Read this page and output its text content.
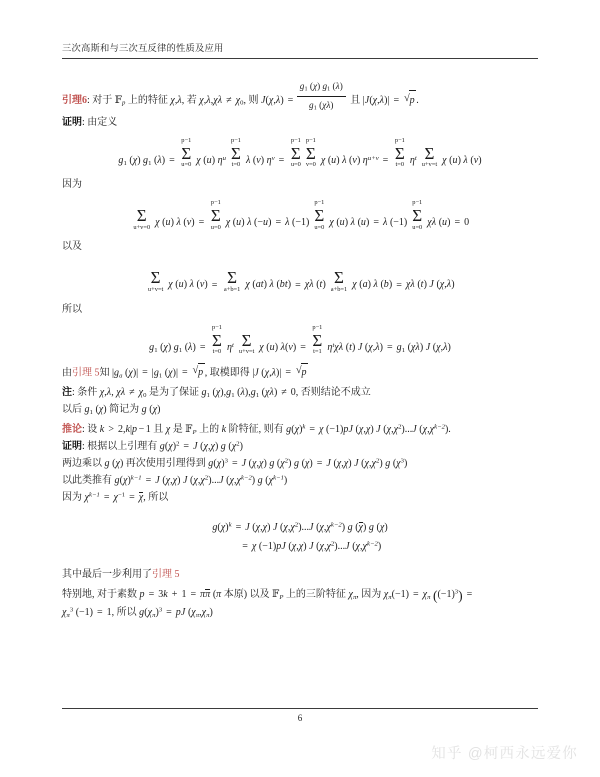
三次高斯和与三次互反律的性质及应用
引理6: 对于 𝔽$_p$ 上的特征 χ,λ, 若 $\chi,\lambda,\chi\lambda \ne \chi_0$, 则 $J(\chi,\lambda) = \frac{g_1 (\chi) g_1 (\lambda)}{g_1 (\chi\lambda)}$ 且 |J(χ,λ)| = √ p .
证明: 由定义
$g_1$ (χ) $g_1$ (λ) =
p−1
Σ
u=0 χ (u) $\eta^u$
p−1
Σ
t=0 λ (v) $\eta^v$ =
p−1
Σ
u=0
p−1
Σ
v=0 χ (u) λ (v) $\eta^{u+v}$ =
p−1
Σ
t=0 $\eta^t$
Σ
u+v=t χ (u) λ (v)
因为

Σ
u+v=0 χ (u) λ (v) =
p−1
Σ
u=0 χ (u) λ (−u) = λ (−1)
p−1
Σ
u=0 χ (u) λ (u) = λ (−1)
p−1
Σ
u=0 χλ (u) = 0
以及

Σ
u+v=t χ (u) λ (v) =
Σ
a+b=1 χ (at) λ (bt) = χλ (t)
Σ
a+b=1 χ (a) λ (b) = χλ (t) J (χ,λ)
所以
$g_1$ (χ) $g_1$ (λ) =
p−1
Σ
t=0 $\eta^t$
Σ
u+v=t χ (u) λ(v) =
p−1
Σ
t=1 $\eta^t\chi\lambda$ (t) J $(\chi,\lambda) = g_1$ (χλ) J (χ,λ)
由引理 5知 $|g_a$ $(\chi)| = |g_1$ (χ)| = √ p , 取模即得 |J (χ,λ)| = √ p
注: 条件 χ,λ, $\chi\lambda \ne \chi_0$ 是为了保证 $g_1$ $(\chi),g_1$ $(\lambda),g_1$ (χλ) ≠ 0, 否则结论不成立
以后 $g_1$ (χ) 简记为 g (χ)
推论: 设 k > 2,k|p − 1 且 χ 是 𝔽$_P$ 上的 k 阶特征, 则有 $g(\chi)^k = \chi$ (−1)pJ (χ,χ) J $(\chi,\chi^2)...J$ $(\chi,\chi^{k-2})$.
证明: 根据以上引理有 $g(\chi)^2 = J$ (χ,χ) g $(\chi^2)$
两边乘以 g (χ) 再次使用引理得到 $g(\chi)^3 = J$ (χ,χ) g $(\chi^2)$ g (χ) = J (χ,χ) J $(\chi,\chi^2)$ g $(\chi^3)$
以此类推有 $g(\chi)^{k-1} = J$ (χ,χ) J $(\chi,\chi^2)...J$ $(\chi,\chi^{k-2})$ g $(\chi^{k-1})$
因为 $\chi^{k-1} = \chi^{-1} = \chi$, 所以
$g(\chi)^k = J$ (χ,χ) J $(\chi,\chi^2)...J$ $(\chi,\chi^{k-2})$ g (χ) g (χ)
= χ (−1)pJ (χ,χ) J $(\chi,\chi^2)...J$ $(\chi,\chi^{k-2})$
其中最后一步利用了引理 5
特别地, 对于素数 p = 3k + 1 = ππ (π 本原) 以及 𝔽$_P$ 上的三阶特征 $\chi_\pi$, 因为 $\chi_\pi(-1) = \chi_\pi$ $((-1)^3)$ =
$\chi_\pi^3$ (−1) = 1, 所以 $g(\chi_\pi)^3$ = pJ $(\chi_\pi,\chi_\pi)$
6
知乎 @柯西永远爱你
